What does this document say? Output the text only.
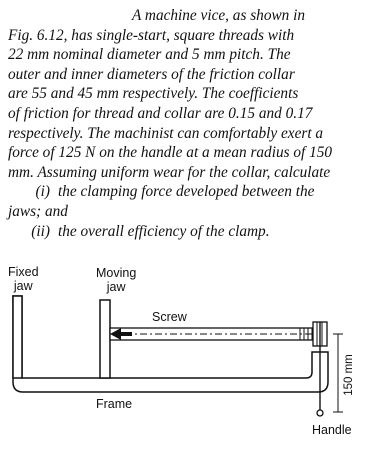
A machine vice, as shown in

Fig. 6.12, has single-start, square threads with

22 mm nominal diameter and 5 mm pitch. The

outer and inner diameters of the friction collar

are 55 and 45 mm respectively. The coefficients

of friction for thread and collar are 0.15 and 0.17

respectively. The machinist can comfortably exert a

force of 125 N on the handle at a mean radius of 150

mm. Assuming uniform wear for the collar, calculate

(i) the clamping force developed between the
jaws; and
(ii) the overall efficiency of the clamp.
150 mm
Fixed
jaw
Moving
jaw
Screw
Frame
Handle
